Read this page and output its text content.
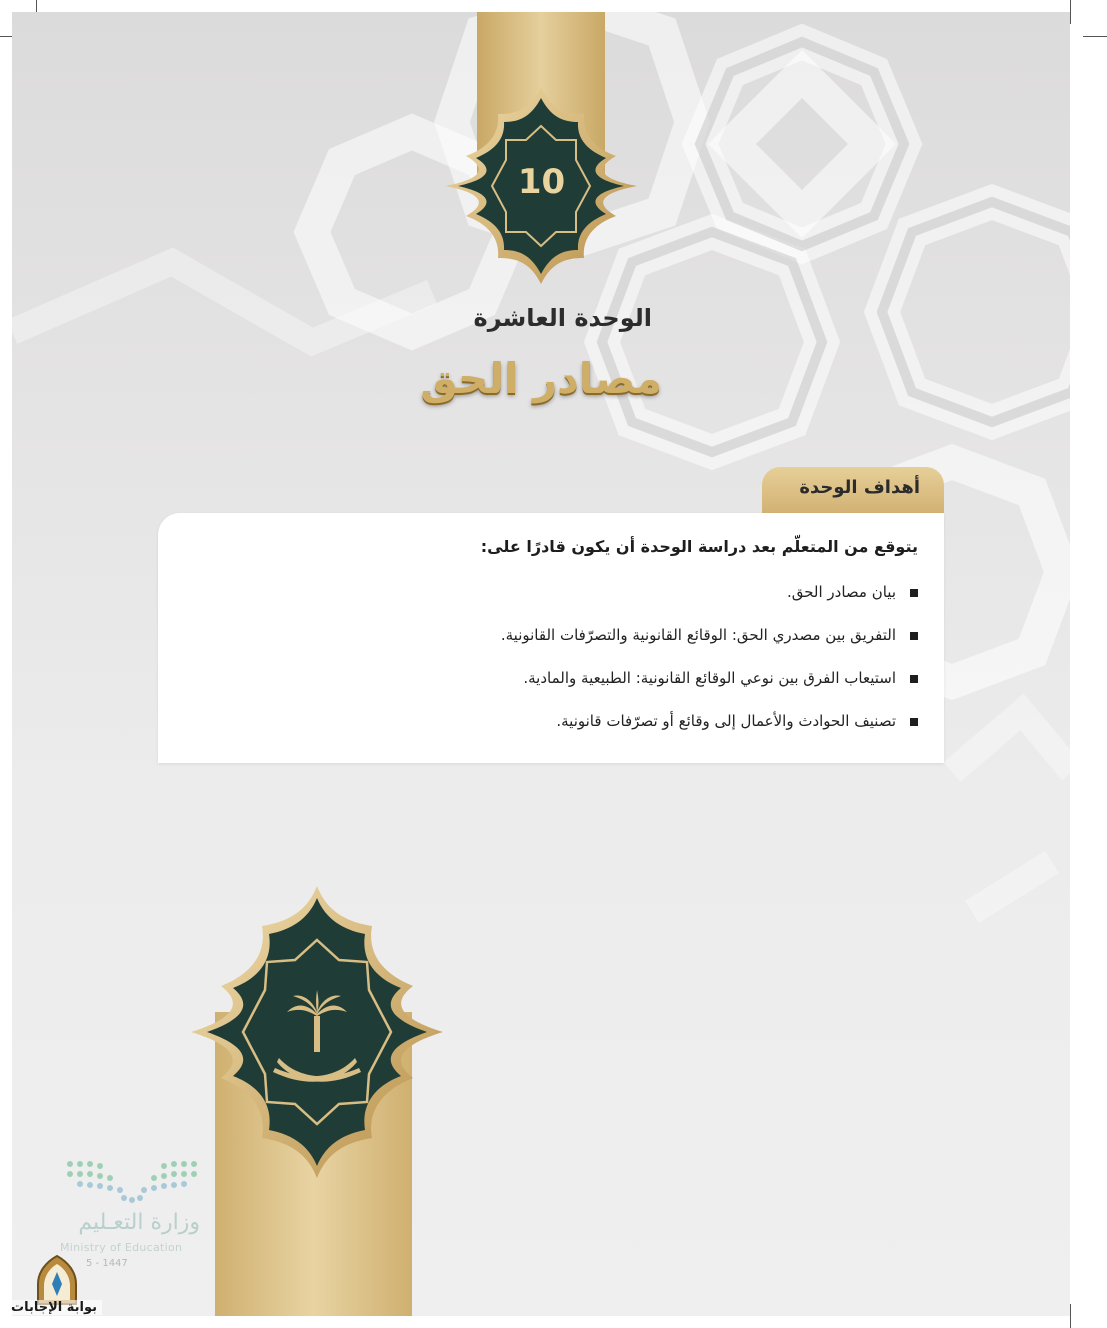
10
الوحدة العاشرة
مصادر الحق
أهداف الوحدة
يتوقع من المتعلّم بعد دراسة الوحدة أن يكون قادرًا على:
بيان مصادر الحق.
التفريق بين مصدري الحق: الوقائع القانونية والتصرّفات القانونية.
استيعاب الفرق بين نوعي الوقائع القانونية: الطبيعية والمادية.
تصنيف الحوادث والأعمال إلى وقائع أو تصرّفات قانونية.
وزارة التعـليم
Ministry of Education
5 - 1447
بوابة الإجابات
